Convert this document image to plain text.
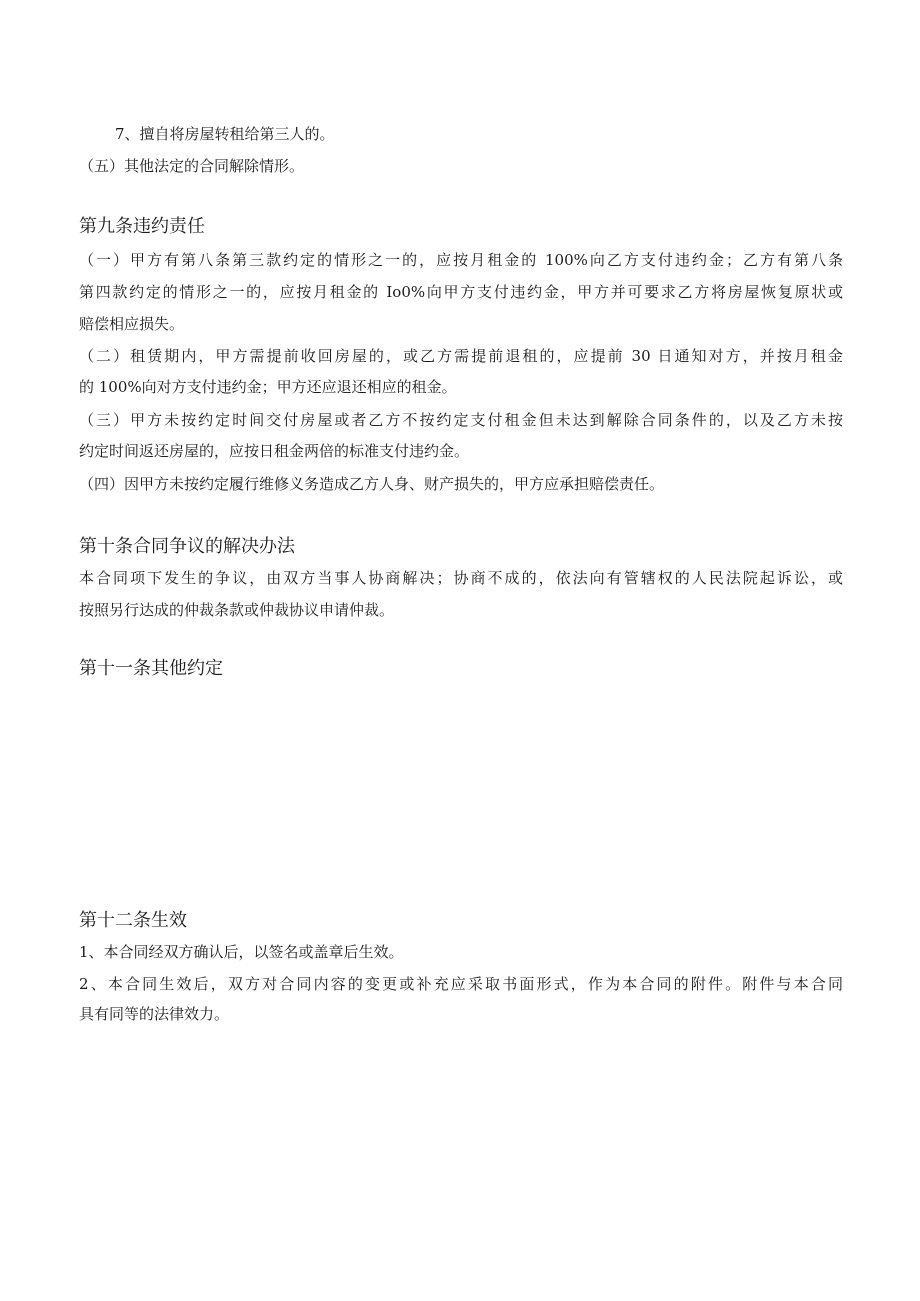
7、擅自将房屋转租给第三人的。
（五）其他法定的合同解除情形。
第九条违约责任
（一）甲方有第八条第三款约定的情形之一的，应按月租金的 100%向乙方支付违约金；乙方有第八条
第四款约定的情形之一的，应按月租金的 Io0%向甲方支付违约金，甲方并可要求乙方将房屋恢复原状或
赔偿相应损失。
（二）租赁期内，甲方需提前收回房屋的，或乙方需提前退租的，应提前 30 日通知对方，并按月租金
的 100%向对方支付违约金；甲方还应退还相应的租金。
（三）甲方未按约定时间交付房屋或者乙方不按约定支付租金但未达到解除合同条件的，以及乙方未按
约定时间返还房屋的，应按日租金两倍的标准支付违约金。
（四）因甲方未按约定履行维修义务造成乙方人身、财产损失的，甲方应承担赔偿责任。
第十条合同争议的解决办法
本合同项下发生的争议，由双方当事人协商解决；协商不成的，依法向有管辖权的人民法院起诉讼，或
按照另行达成的仲裁条款或仲裁协议申请仲裁。
第十一条其他约定
第十二条生效
1、本合同经双方确认后，以签名或盖章后生效。
2、本合同生效后，双方对合同内容的变更或补充应采取书面形式，作为本合同的附件。附件与本合同
具有同等的法律效力。
